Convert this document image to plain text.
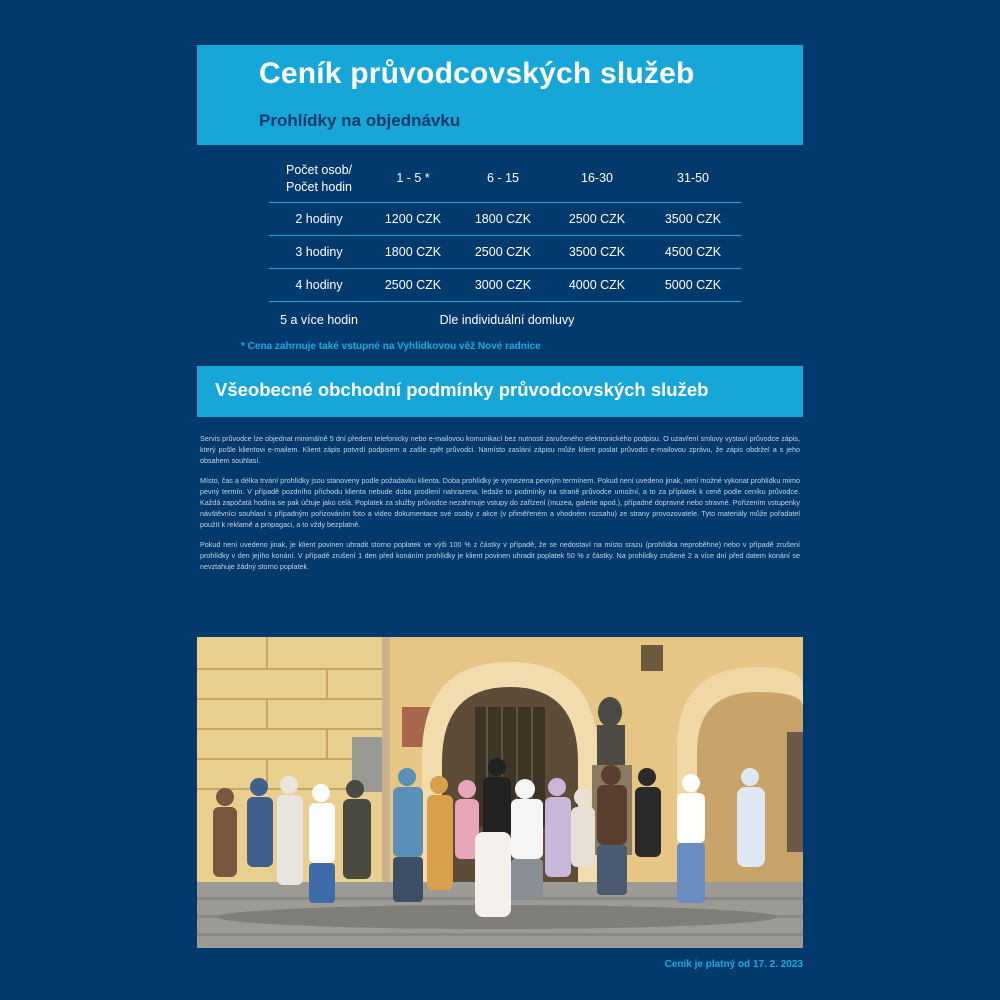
Ceník průvodcovských služeb
Prohlídky na objednávku
Počet osob/
Počet hodin	1 - 5 *	6 - 15	16-30	31-50
2 hodiny	1200 CZK	1800 CZK	2500 CZK	3500 CZK
3 hodiny	1800 CZK	2500 CZK	3500 CZK	4500 CZK
4 hodiny	2500 CZK	3000 CZK	4000 CZK	5000 CZK
5 a více hodin	Dle individuální domluvy			
* Cena zahrnuje také vstupné na Vyhlídkovou věž Nové radnice
Všeobecné obchodní podmínky průvodcovských služeb

Servis průvodce lze objednat minimálně 5 dní předem telefonicky nebo e-mailovou komunikací bez nutnosti zaručeného elektronického podpisu. O uzavření smluvy vystaví průvodce zápis, který pošle klientovi e-mailem. Klient zápis potvrdí podpisem a zašle zpět průvodci. Namísto zaslání zápisu může klient poslat průvodci e-mailovou zprávu, že zápis obdržel a s jeho obsahem souhlasí.

Místo, čas a délka trvání prohlídky jsou stanoveny podle požadavku klienta. Doba prohlídky je vymezena pevným termínem. Pokud není uvedeno jinak, není možné vykonat prohlídku mimo pevný termín. V případě pozdního příchodu klienta nebude doba prodlení nahrazena, ledaže to podmínky na straně průvodce umožní, a to za příplatek k ceně podle ceníku průvodce. Každá započatá hodina se pak účtuje jako celá. Poplatek za služby průvodce nezahrnuje vstupy do zařízení (muzea, galerie apod.), případné dopravné nebo stravné. Pořízením vstupenky návštěvníci souhlasí s případným pořizováním foto a video dokumentace své osoby z akce (v přiměřeném a vhodném rozsahu) ze strany provozovatele. Tyto materiály může pořadatel použít k reklamě a propagaci, a to vždy bezplatně.

Pokud není uvedeno jinak, je klient povinen uhradit storno poplatek ve výši 100 % z částky v případě, že se nedostaví na místo srazu (prohlídka neproběhne) nebo v případě zrušení prohlídky v den jejího konání. V případě zrušení 1 den před konáním prohlídky je klient povinen uhradit poplatek 50 % z částky. Na prohlídky zrušené 2 a více dní před datem konání se nevztahuje žádný storno poplatek.

Ceník je platný od 17. 2. 2023
